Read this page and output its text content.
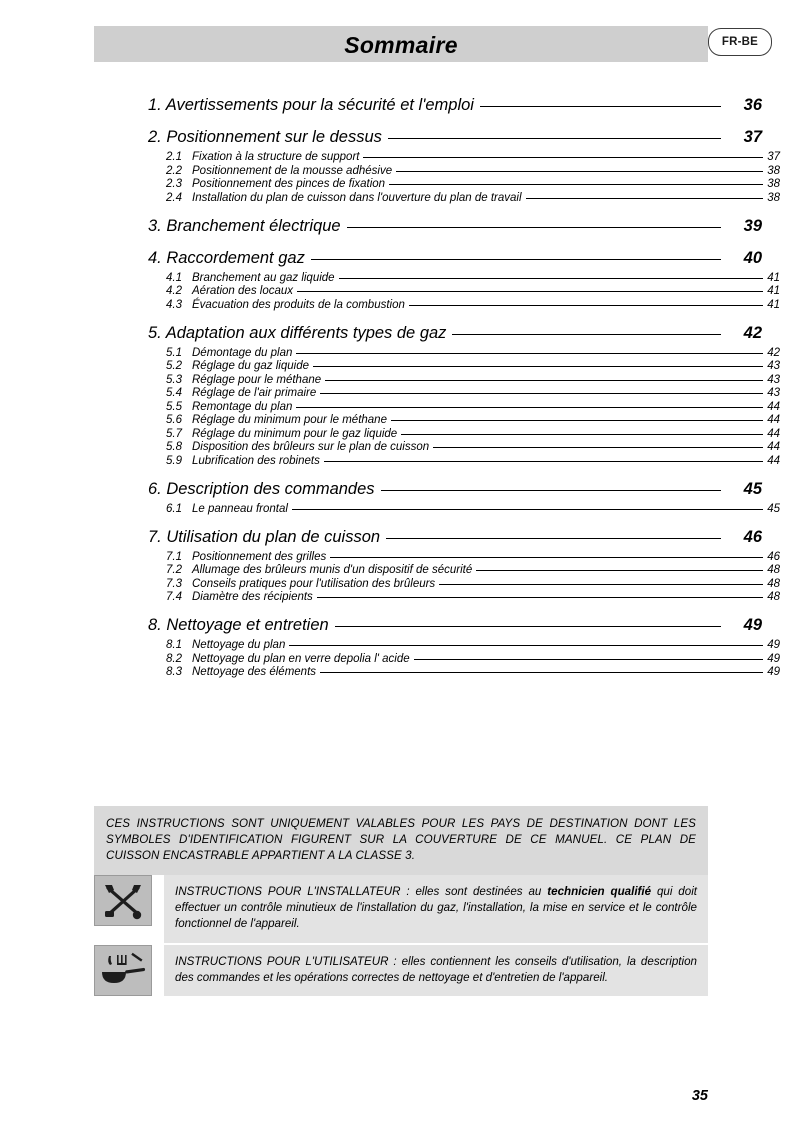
Sommaire	FR-BE
1. Avertissements pour la sécurité et l'emploi	36
2. Positionnement sur le dessus	37
2.1 Fixation à la structure de support	37
2.2 Positionnement de la mousse adhésive	38
2.3 Positionnement des pinces de fixation	38
2.4 Installation du plan de cuisson dans l'ouverture du plan de travail	38
3. Branchement électrique	39
4. Raccordement gaz	40
4.1 Branchement au gaz liquide	41
4.2 Aération des locaux	41
4.3 Évacuation des produits de la combustion	41
5. Adaptation aux différents types de gaz	42
5.1 Démontage du plan	42
5.2 Réglage du gaz liquide	43
5.3 Réglage pour le méthane	43
5.4 Réglage de l'air primaire	43
5.5 Remontage du plan	44
5.6 Réglage du minimum pour le méthane	44
5.7 Réglage du minimum pour le gaz liquide	44
5.8 Disposition des brûleurs sur le plan de cuisson	44
5.9 Lubrification des robinets	44
6. Description des commandes	45
6.1 Le panneau frontal	45
7. Utilisation du plan de cuisson	46
7.1 Positionnement des grilles	46
7.2 Allumage des brûleurs munis d'un dispositif de sécurité	48
7.3 Conseils pratiques pour l'utilisation des brûleurs	48
7.4 Diamètre des récipients	48
8. Nettoyage et entretien	49
8.1 Nettoyage du plan	49
8.2 Nettoyage du plan en verre depolia l' acide	49
8.3 Nettoyage des éléments	49
CES INSTRUCTIONS SONT UNIQUEMENT VALABLES POUR LES PAYS DE DESTINATION DONT LES SYMBOLES D'IDENTIFICATION FIGURENT SUR LA COUVERTURE DE CE MANUEL. CE PLAN DE CUISSON ENCASTRABLE APPARTIENT A LA CLASSE 3.
INSTRUCTIONS POUR L'INSTALLATEUR : elles sont destinées au technicien qualifié qui doit effectuer un contrôle minutieux de l'installation du gaz, l'installation, la mise en service et le contrôle fonctionnel de l'appareil.
INSTRUCTIONS POUR L'UTILISATEUR : elles contiennent les conseils d'utilisation, la description des commandes et les opérations correctes de nettoyage et d'entretien de l'appareil.
35
